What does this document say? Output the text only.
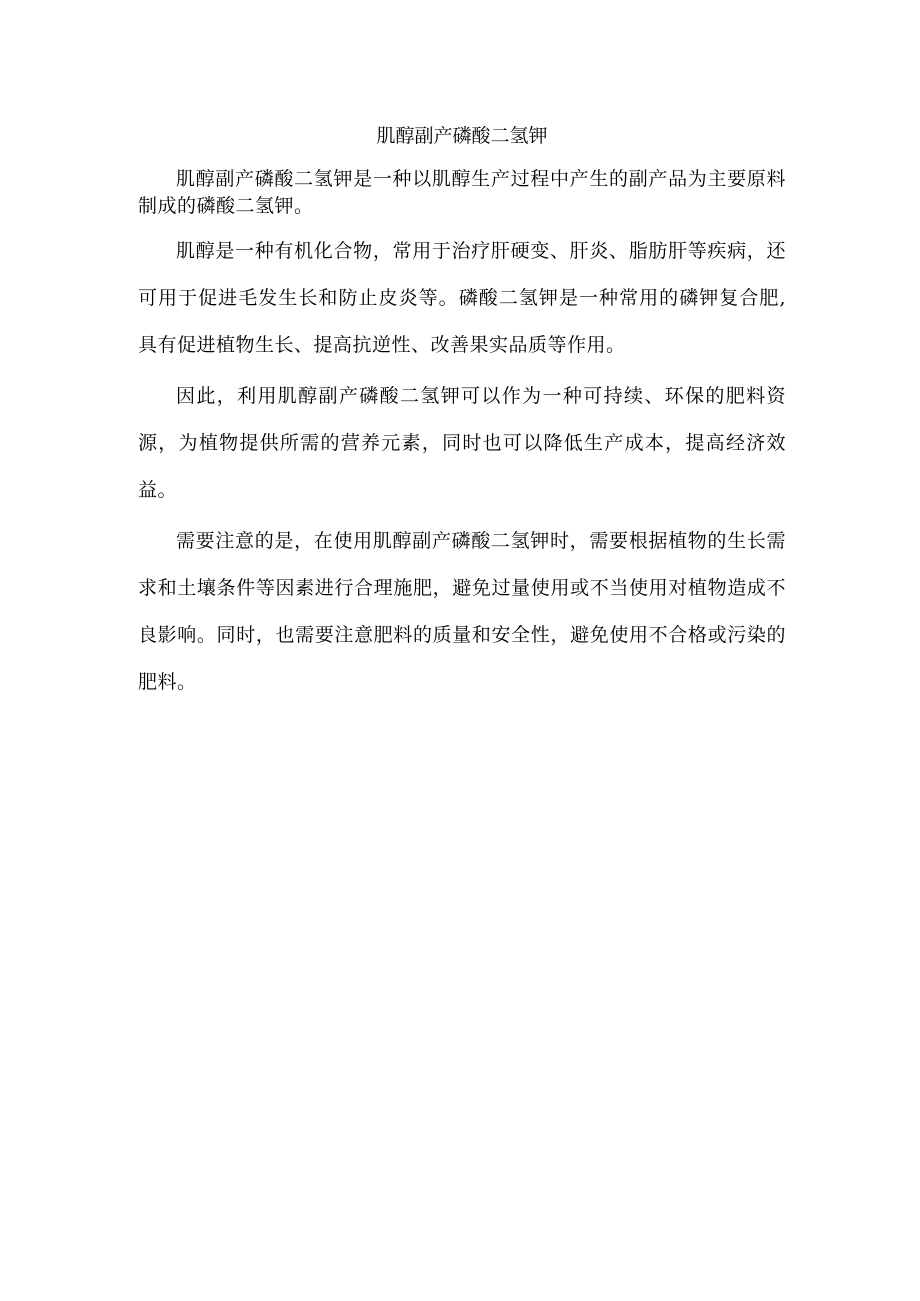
肌醇副产磷酸二氢钾

肌醇副产磷酸二氢钾是一种以肌醇生产过程中产生的副产品为主要原料制成的磷酸二氢钾。

肌醇是一种有机化合物，常用于治疗肝硬变、肝炎、脂肪肝等疾病，还可用于促进毛发生长和防止皮炎等。磷酸二氢钾是一种常用的磷钾复合肥,具有促进植物生长、提高抗逆性、改善果实品质等作用。

因此，利用肌醇副产磷酸二氢钾可以作为一种可持续、环保的肥料资源，为植物提供所需的营养元素，同时也可以降低生产成本，提高经济效益。

需要注意的是，在使用肌醇副产磷酸二氢钾时，需要根据植物的生长需求和土壤条件等因素进行合理施肥，避免过量使用或不当使用对植物造成不良影响。同时，也需要注意肥料的质量和安全性，避免使用不合格或污染的肥料。
